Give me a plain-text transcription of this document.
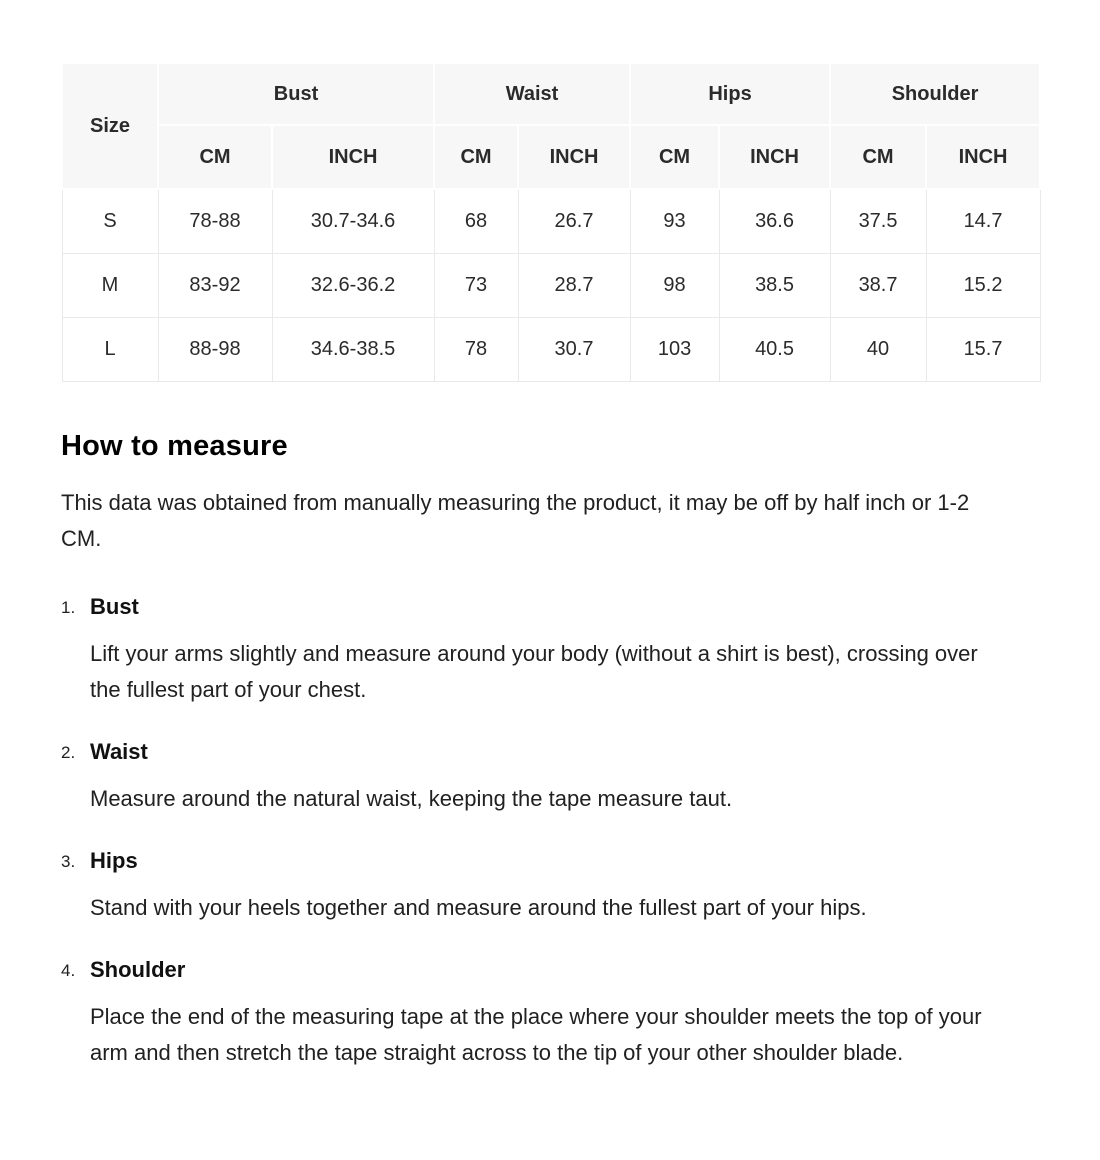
Size	Bust		Waist		Hips		Shoulder	
	CM	INCH	CM	INCH	CM	INCH	CM	INCH
S	78-88	30.7-34.6	68	26.7	93	36.6	37.5	14.7
M	83-92	32.6-36.2	73	28.7	98	38.5	38.7	15.2
L	88-98	34.6-38.5	78	30.7	103	40.5	40	15.7
How to measure

This data was obtained from manually measuring the product, it may be off by half inch or 1-2 CM.

1. Bust

Lift your arms slightly and measure around your body (without a shirt is best), crossing over the fullest part of your chest.

2. Waist

Measure around the natural waist, keeping the tape measure taut.

3. Hips

Stand with your heels together and measure around the fullest part of your hips.

4. Shoulder

Place the end of the measuring tape at the place where your shoulder meets the top of your arm and then stretch the tape straight across to the tip of your other shoulder blade.
